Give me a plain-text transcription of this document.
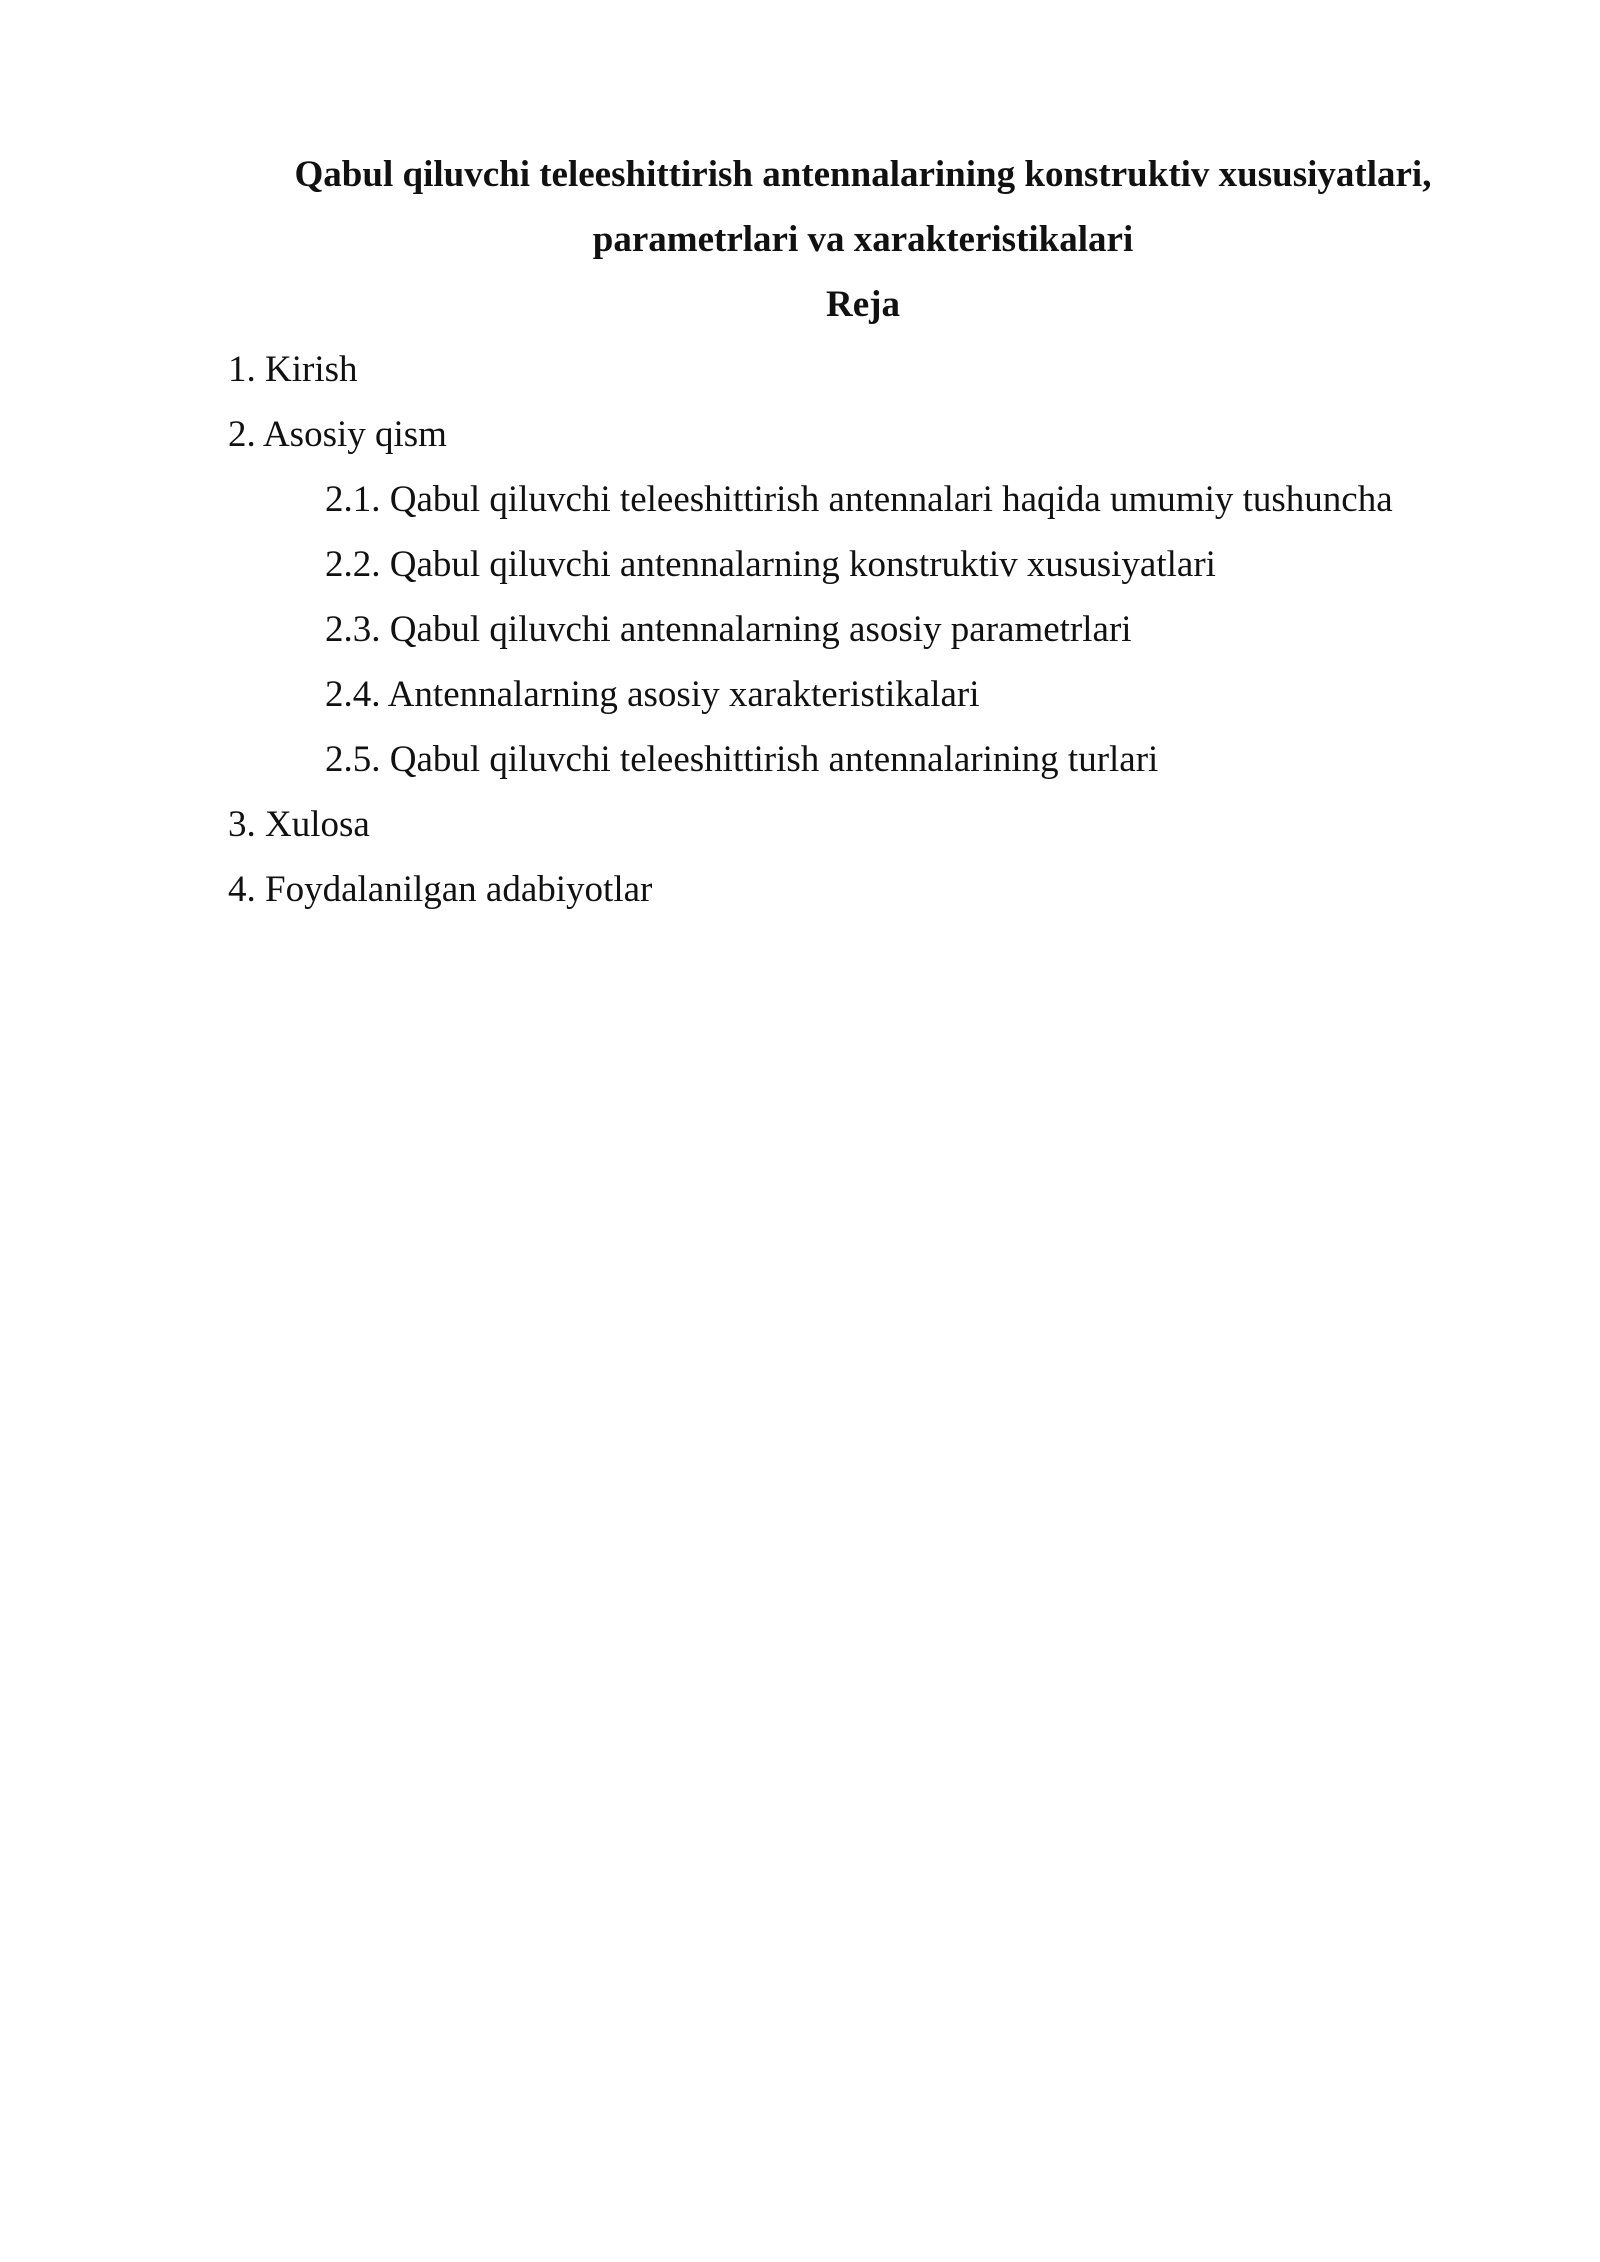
Qabul qiluvchi teleeshittirish antennalarining konstruktiv xususiyatlari,

parametrlari va xarakteristikalari

Reja

1. Kirish

2. Asosiy qism

2.1. Qabul qiluvchi teleeshittirish antennalari haqida umumiy tushuncha

2.2. Qabul qiluvchi antennalarning konstruktiv xususiyatlari

2.3. Qabul qiluvchi antennalarning asosiy parametrlari

2.4. Antennalarning asosiy xarakteristikalari

2.5. Qabul qiluvchi teleeshittirish antennalarining turlari

3. Xulosa

4. Foydalanilgan adabiyotlar
